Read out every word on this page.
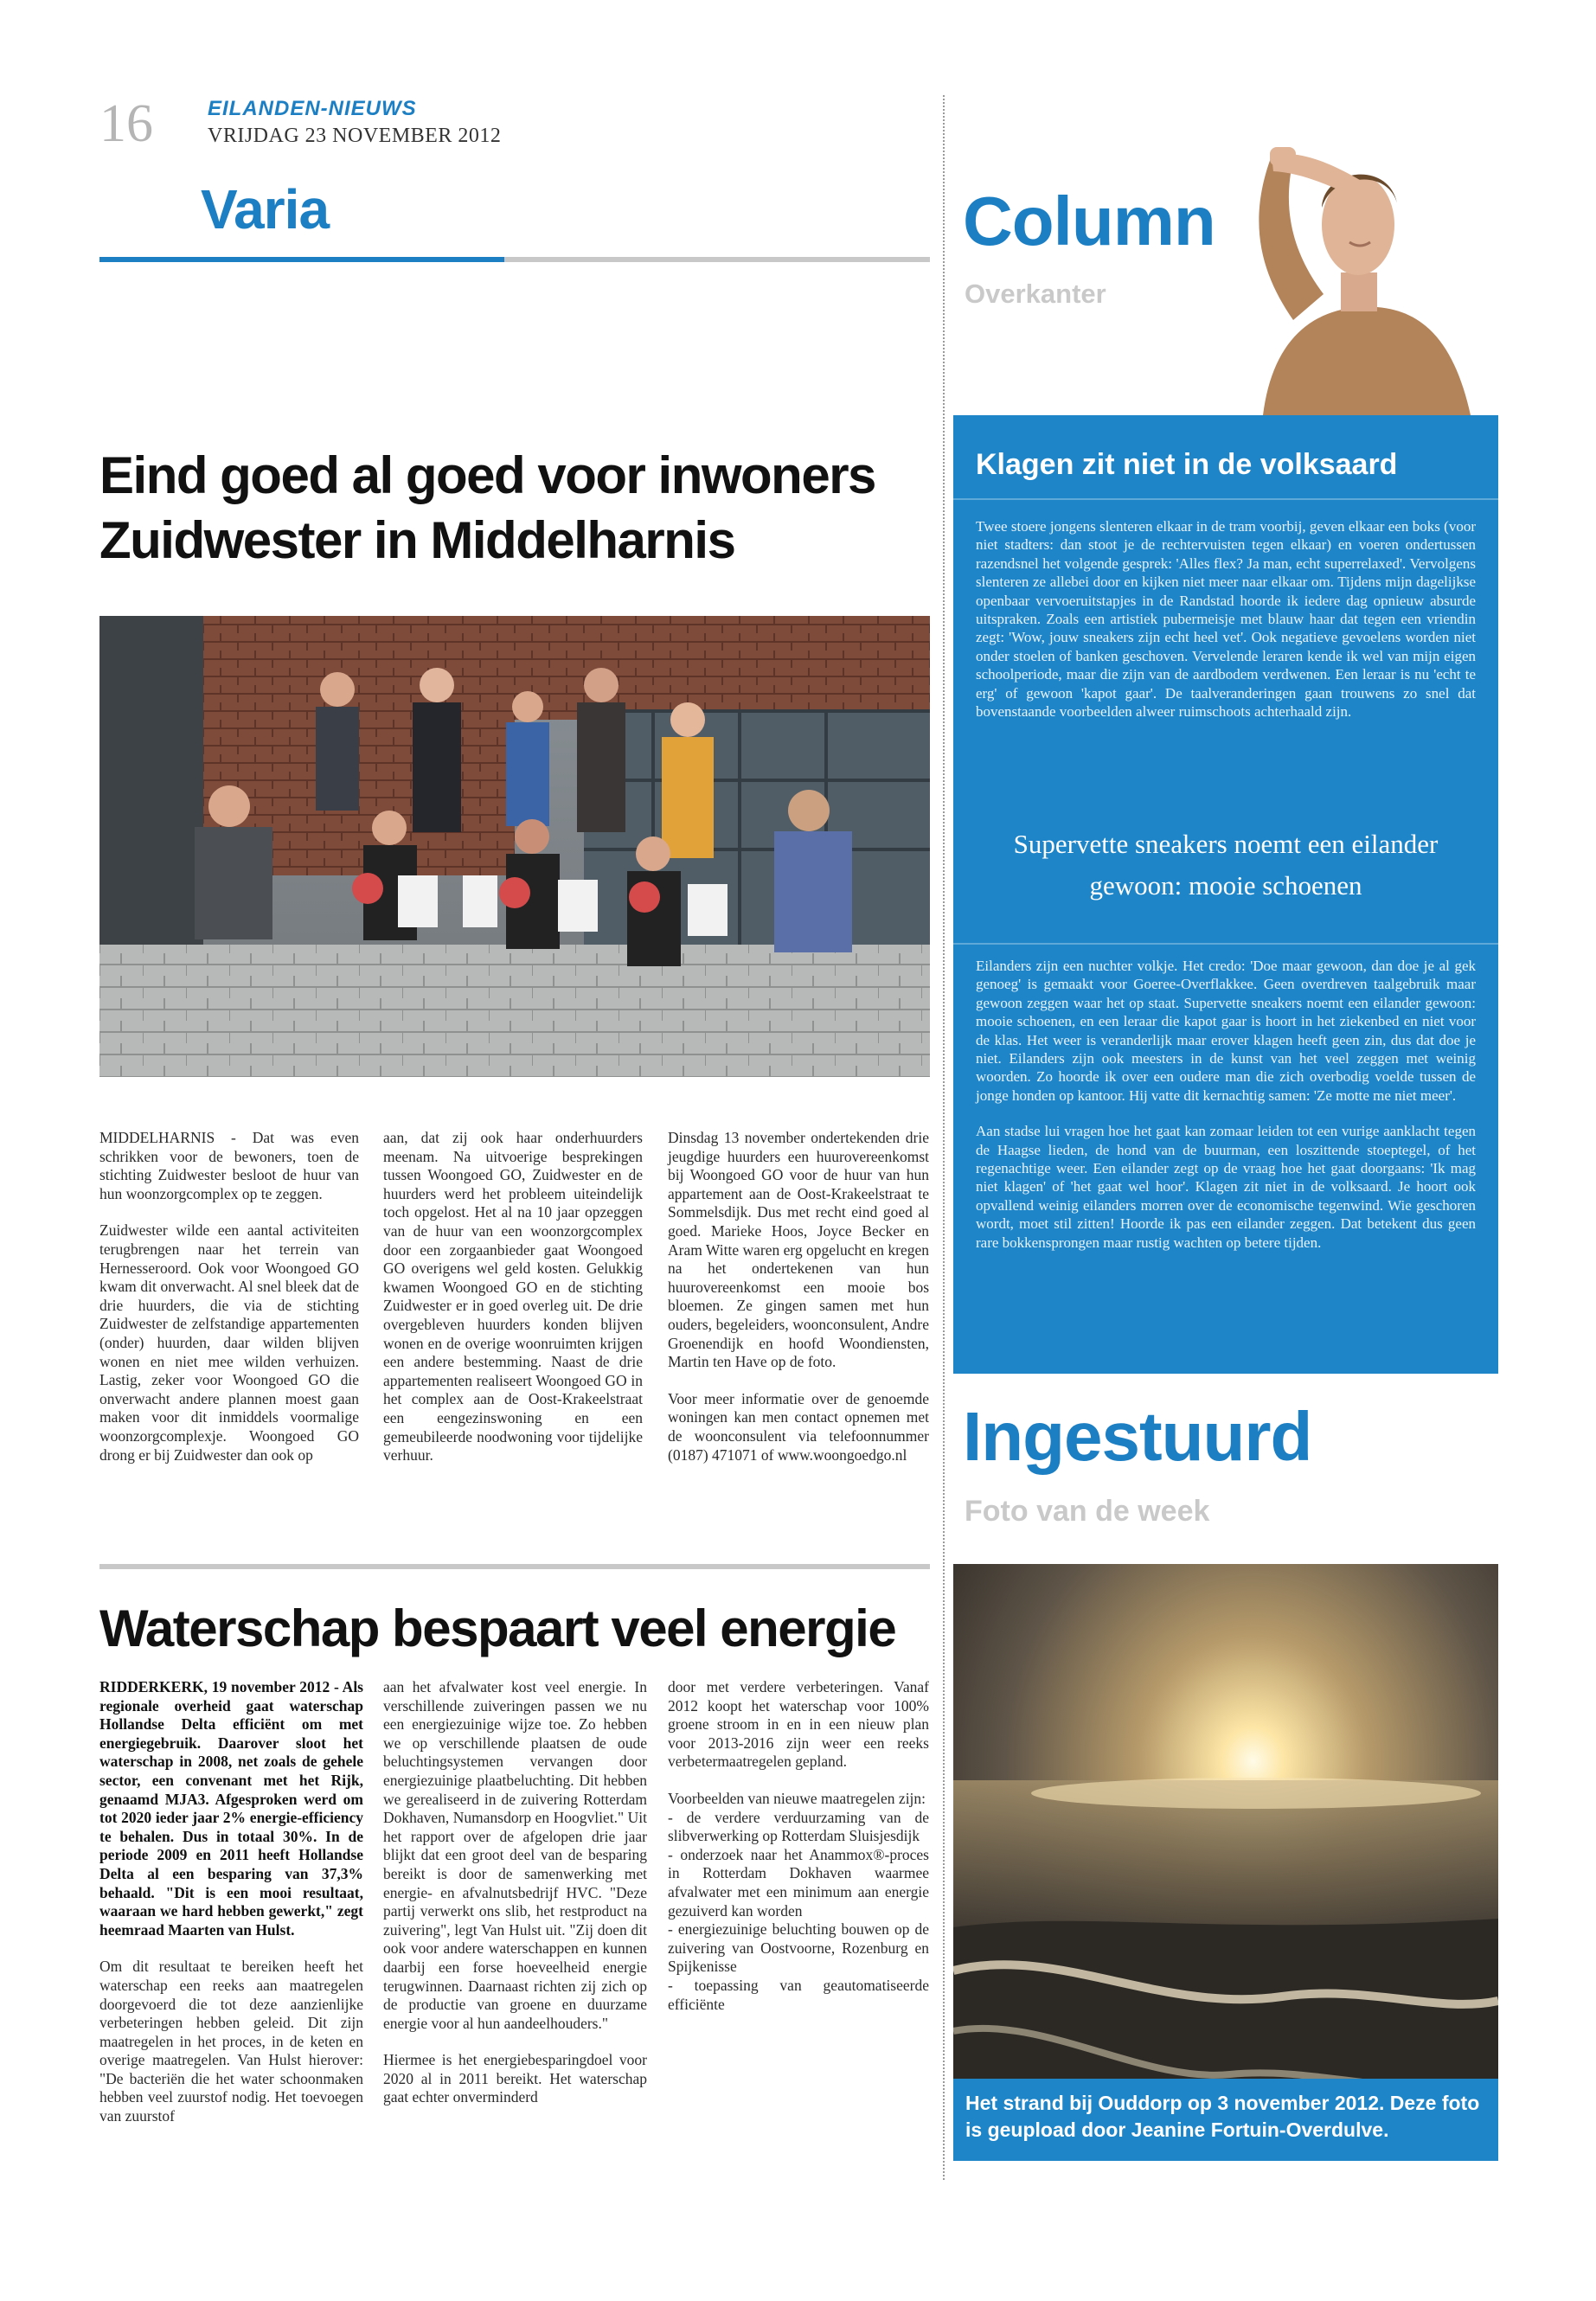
16	EILANDEN-NIEUWS
VRIJDAG 23 NOVEMBER 2012
Varia
Eind goed al goed voor inwoners Zuidwester in Middelharnis

MIDDELHARNIS - Dat was even schrikken voor de bewoners, toen de stichting Zuidwester besloot de huur van hun woonzorgcomplex op te zeggen.

Zuidwester wilde een aantal activiteiten terugbrengen naar het terrein van Hernesseroord. Ook voor Woongoed GO kwam dit onverwacht. Al snel bleek dat de drie huurders, die via de stichting Zuidwester de zelfstandige appartementen (onder) huurden, daar wilden blijven wonen en niet mee wilden verhuizen. Lastig, zeker voor Woongoed GO die onverwacht andere plannen moest gaan maken voor dit inmiddels voormalige woonzorgcomplexje. Woongoed GO drong er bij Zuidwester dan ook op

aan, dat zij ook haar onderhuurders meenam. Na uitvoerige besprekingen tussen Woongoed GO, Zuidwester en de huurders werd het probleem uiteindelijk toch opgelost. Het al na 10 jaar opzeggen van de huur van een woonzorgcomplex door een zorgaanbieder gaat Woongoed GO overigens wel geld kosten. Gelukkig kwamen Woongoed GO en de stichting Zuidwester er in goed overleg uit. De drie overgebleven huurders konden blijven wonen en de overige woonruimten krijgen een andere bestemming. Naast de drie appartementen realiseert Woongoed GO in het complex aan de Oost-Krakeelstraat een eengezinswoning en een gemeubileerde noodwoning voor tijdelijke verhuur.

Dinsdag 13 november ondertekenden drie jeugdige huurders een huurovereenkomst bij Woongoed GO voor de huur van hun appartement aan de Oost-Krakeelstraat te Sommelsdijk. Dus met recht eind goed al goed. Marieke Hoos, Joyce Becker en Aram Witte waren erg opgelucht en kregen na het ondertekenen van hun huurovereenkomst een mooie bos bloemen. Ze gingen samen met hun ouders, begeleiders, woonconsulent, Andre Groenendijk en hoofd Woondiensten, Martin ten Have op de foto.

Voor meer informatie over de genoemde woningen kan men contact opnemen met de woonconsulent via telefoonnummer (0187) 471071 of www.woongoedgo.nl

Waterschap bespaart veel energie

RIDDERKERK, 19 november 2012 - Als regionale overheid gaat waterschap Hollandse Delta efficiënt om met energiegebruik. Daarover sloot het waterschap in 2008, net zoals de gehele sector, een convenant met het Rijk, genaamd MJA3. Afgesproken werd om tot 2020 ieder jaar 2% energie-efficiency te behalen. Dus in totaal 30%. In de periode 2009 en 2011 heeft Hollandse Delta al een besparing van 37,3% behaald. "Dit is een mooi resultaat, waaraan we hard hebben gewerkt," zegt heemraad Maarten van Hulst.

Om dit resultaat te bereiken heeft het waterschap een reeks aan maatregelen doorgevoerd die tot deze aanzienlijke verbeteringen hebben geleid. Dit zijn maatregelen in het proces, in de keten en overige maatregelen. Van Hulst hierover: "De bacteriën die het water schoonmaken hebben veel zuurstof nodig. Het toevoegen van zuurstof

aan het afvalwater kost veel energie. In verschillende zuiveringen passen we nu een energiezuinige wijze toe. Zo hebben we op verschillende plaatsen de oude beluchtingsystemen vervangen door energiezuinige plaatbeluchting. Dit hebben we gerealiseerd in de zuivering Rotterdam Dokhaven, Numansdorp en Hoogvliet." Uit het rapport over de afgelopen drie jaar blijkt dat een groot deel van de besparing bereikt is door de samenwerking met energie- en afvalnutsbedrijf HVC. "Deze partij verwerkt ons slib, het restproduct na zuivering", legt Van Hulst uit. "Zij doen dit ook voor andere waterschappen en kunnen daarbij een forse hoeveelheid energie terugwinnen. Daarnaast richten zij zich op de productie van groene en duurzame energie voor al hun aandeelhouders."

Hiermee is het energiebesparingdoel voor 2020 al in 2011 bereikt. Het waterschap gaat echter onverminderd

door met verdere verbeteringen. Vanaf 2012 koopt het waterschap voor 100% groene stroom in en in een nieuw plan voor 2013-2016 zijn weer een reeks verbetermaatregelen gepland.

Voorbeelden van nieuwe maatregelen zijn:
- de verdere verduurzaming van de slibverwerking op Rotterdam Sluisjesdijk
- onderzoek naar het Anammox®-proces in Rotterdam Dokhaven waarmee afvalwater met een minimum aan energie gezuiverd kan worden
- energiezuinige beluchting bouwen op de zuivering van Oostvoorne, Rozenburg en Spijkenisse
- toepassing van geautomatiseerde efficiënte

Column
Overkanter
Klagen zit niet in de volksaard

Twee stoere jongens slenteren elkaar in de tram voorbij, geven elkaar een boks (voor niet stadters: dan stoot je de rechtervuisten tegen elkaar) en voeren ondertussen razendsnel het volgende gesprek: 'Alles flex? Ja man, echt superrelaxed'. Vervolgens slenteren ze allebei door en kijken niet meer naar elkaar om. Tijdens mijn dagelijkse openbaar vervoeruitstapjes in de Randstad hoorde ik iedere dag opnieuw absurde uitspraken. Zoals een artistiek pubermeisje met blauw haar dat tegen een vriendin zegt: 'Wow, jouw sneakers zijn echt heel vet'. Ook negatieve gevoelens worden niet onder stoelen of banken geschoven. Vervelende leraren kende ik wel van mijn eigen schoolperiode, maar die zijn van de aardbodem verdwenen. Een leraar is nu 'echt te erg' of gewoon 'kapot gaar'. De taalveranderingen gaan trouwens zo snel dat bovenstaande voorbeelden alweer ruimschoots achterhaald zijn.

Supervette sneakers noemt een eilander gewoon: mooie schoenen

Eilanders zijn een nuchter volkje. Het credo: 'Doe maar gewoon, dan doe je al gek genoeg' is gemaakt voor Goeree-Overflakkee. Geen overdreven taalgebruik maar gewoon zeggen waar het op staat. Supervette sneakers noemt een eilander gewoon: mooie schoenen, en een leraar die kapot gaar is hoort in het ziekenbed en niet voor de klas. Het weer is veranderlijk maar erover klagen heeft geen zin, dus dat doe je niet. Eilanders zijn ook meesters in de kunst van het veel zeggen met weinig woorden. Zo hoorde ik over een oudere man die zich overbodig voelde tussen de jonge honden op kantoor. Hij vatte dit kernachtig samen: 'Ze motte me niet meer'.

Aan stadse lui vragen hoe het gaat kan zomaar leiden tot een vurige aanklacht tegen de Haagse lieden, de hond van de buurman, een loszittende stoeptegel, of het regenachtige weer. Een eilander zegt op de vraag hoe het gaat doorgaans: 'Ik mag niet klagen' of 'het gaat wel hoor'. Klagen zit niet in de volksaard. Je hoort ook opvallend weinig eilanders morren over de economische tegenwind. Wie geschoren wordt, moet stil zitten! Hoorde ik pas een eilander zeggen. Dat betekent dus geen rare bokkensprongen maar rustig wachten op betere tijden.

Ingestuurd
Foto van de week
Het strand bij Ouddorp op 3 november 2012. Deze foto is geupload door Jeanine Fortuin-Overdulve.
